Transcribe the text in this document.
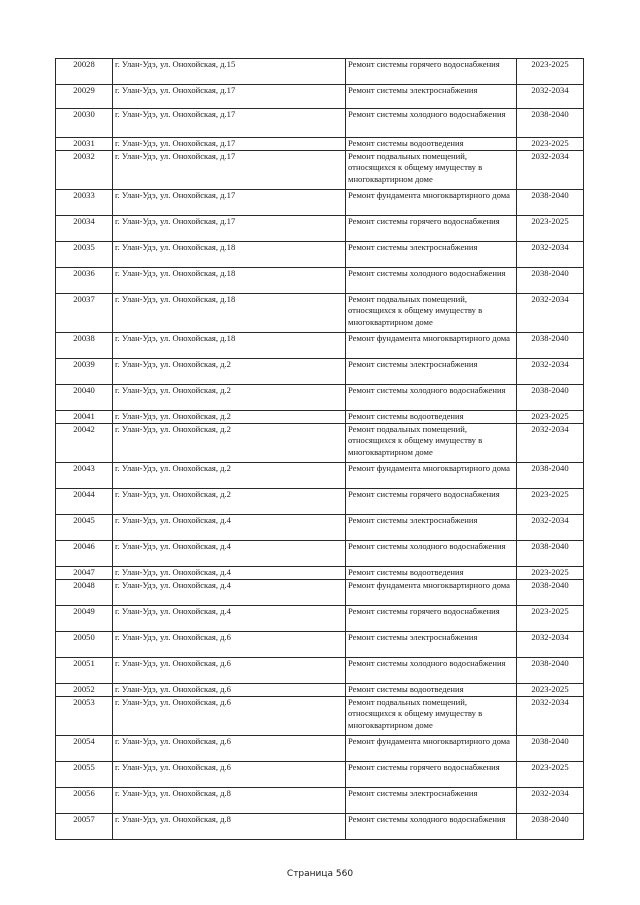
20028	г. Улан-Удэ, ул. Онохойская, д.15	Ремонт системы горячего водоснабжения	2023-2025
20029	г. Улан-Удэ, ул. Онохойская, д.17	Ремонт системы электроснабжения	2032-2034
20030	г. Улан-Удэ, ул. Онохойская, д.17	Ремонт системы холодного водоснабжения	2038-2040
20031	г. Улан-Удэ, ул. Онохойская, д.17	Ремонт системы водоотведения	2023-2025
20032	г. Улан-Удэ, ул. Онохойская, д.17	Ремонт подвальных помещений, относящихся к общему имуществу в многоквартирном доме	2032-2034
20033	г. Улан-Удэ, ул. Онохойская, д.17	Ремонт фундамента многоквартирного дома	2038-2040
20034	г. Улан-Удэ, ул. Онохойская, д.17	Ремонт системы горячего водоснабжения	2023-2025
20035	г. Улан-Удэ, ул. Онохойская, д.18	Ремонт системы электроснабжения	2032-2034
20036	г. Улан-Удэ, ул. Онохойская, д.18	Ремонт системы холодного водоснабжения	2038-2040
20037	г. Улан-Удэ, ул. Онохойская, д.18	Ремонт подвальных помещений, относящихся к общему имуществу в многоквартирном доме	2032-2034
20038	г. Улан-Удэ, ул. Онохойская, д.18	Ремонт фундамента многоквартирного дома	2038-2040
20039	г. Улан-Удэ, ул. Онохойская, д.2	Ремонт системы электроснабжения	2032-2034
20040	г. Улан-Удэ, ул. Онохойская, д.2	Ремонт системы холодного водоснабжения	2038-2040
20041	г. Улан-Удэ, ул. Онохойская, д.2	Ремонт системы водоотведения	2023-2025
20042	г. Улан-Удэ, ул. Онохойская, д.2	Ремонт подвальных помещений, относящихся к общему имуществу в многоквартирном доме	2032-2034
20043	г. Улан-Удэ, ул. Онохойская, д.2	Ремонт фундамента многоквартирного дома	2038-2040
20044	г. Улан-Удэ, ул. Онохойская, д.2	Ремонт системы горячего водоснабжения	2023-2025
20045	г. Улан-Удэ, ул. Онохойская, д.4	Ремонт системы электроснабжения	2032-2034
20046	г. Улан-Удэ, ул. Онохойская, д.4	Ремонт системы холодного водоснабжения	2038-2040
20047	г. Улан-Удэ, ул. Онохойская, д.4	Ремонт системы водоотведения	2023-2025
20048	г. Улан-Удэ, ул. Онохойская, д.4	Ремонт фундамента многоквартирного дома	2038-2040
20049	г. Улан-Удэ, ул. Онохойская, д.4	Ремонт системы горячего водоснабжения	2023-2025
20050	г. Улан-Удэ, ул. Онохойская, д.6	Ремонт системы электроснабжения	2032-2034
20051	г. Улан-Удэ, ул. Онохойская, д.6	Ремонт системы холодного водоснабжения	2038-2040
20052	г. Улан-Удэ, ул. Онохойская, д.6	Ремонт системы водоотведения	2023-2025
20053	г. Улан-Удэ, ул. Онохойская, д.6	Ремонт подвальных помещений, относящихся к общему имуществу в многоквартирном доме	2032-2034
20054	г. Улан-Удэ, ул. Онохойская, д.6	Ремонт фундамента многоквартирного дома	2038-2040
20055	г. Улан-Удэ, ул. Онохойская, д.6	Ремонт системы горячего водоснабжения	2023-2025
20056	г. Улан-Удэ, ул. Онохойская, д.8	Ремонт системы электроснабжения	2032-2034
20057	г. Улан-Удэ, ул. Онохойская, д.8	Ремонт системы холодного водоснабжения	2038-2040
Страница 560
